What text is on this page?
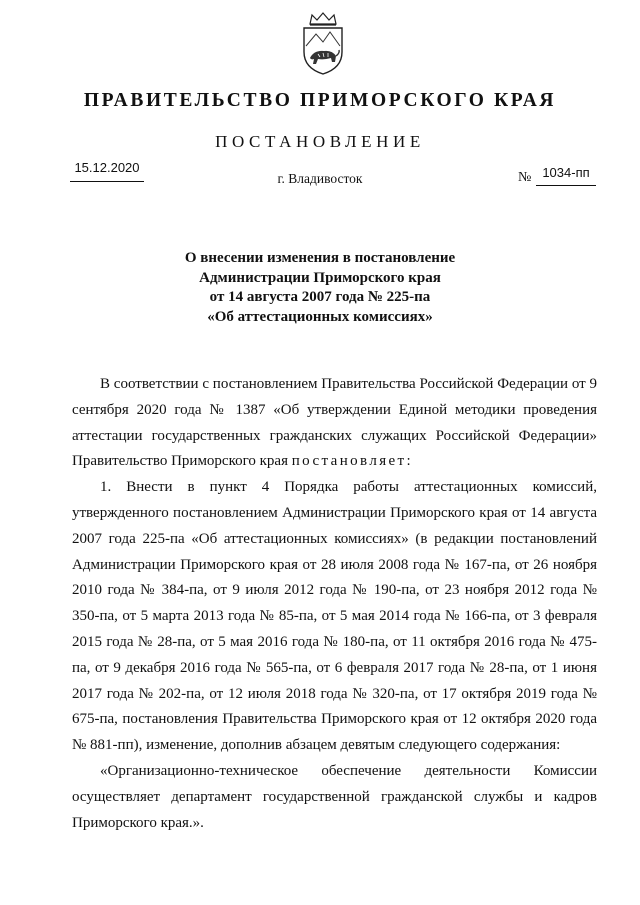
ПРАВИТЕЛЬСТВО ПРИМОРСКОГО КРАЯ
ПОСТАНОВЛЕНИЕ
15.12.2020
г. Владивосток	№ 1034-пп
О внесении изменения в постановление
Администрации Приморского края
от 14 августа 2007 года № 225-па
«Об аттестационных комиссиях»

В соответствии с постановлением Правительства Российской Федерации от 9 сентября 2020 года № 1387 «Об утверждении Единой методики проведения аттестации государственных гражданских служащих Российской Федерации» Правительство Приморского края постановляет:

1. Внести в пункт 4 Порядка работы аттестационных комиссий, утвержденного постановлением Администрации Приморского края от 14 августа 2007 года 225-па «Об аттестационных комиссиях» (в редакции постановлений Администрации Приморского края от 28 июля 2008 года № 167-па, от 26 ноября 2010 года № 384-па, от 9 июля 2012 года № 190-па, от 23 ноября 2012 года № 350-па, от 5 марта 2013 года № 85-па, от 5 мая 2014 года № 166-па, от 3 февраля 2015 года № 28-па, от 5 мая 2016 года № 180-па, от 11 октября 2016 года № 475-па, от 9 декабря 2016 года № 565-па, от 6 февраля 2017 года № 28-па, от 1 июня 2017 года № 202-па, от 12 июля 2018 года № 320-па, от 17 октября 2019 года № 675-па, постановления Правительства Приморского края от 12 октября 2020 года № 881-пп), изменение, дополнив абзацем девятым следующего содержания:

«Организационно-техническое обеспечение деятельности Комиссии осуществляет департамент государственной гражданской службы и кадров Приморского края.».
